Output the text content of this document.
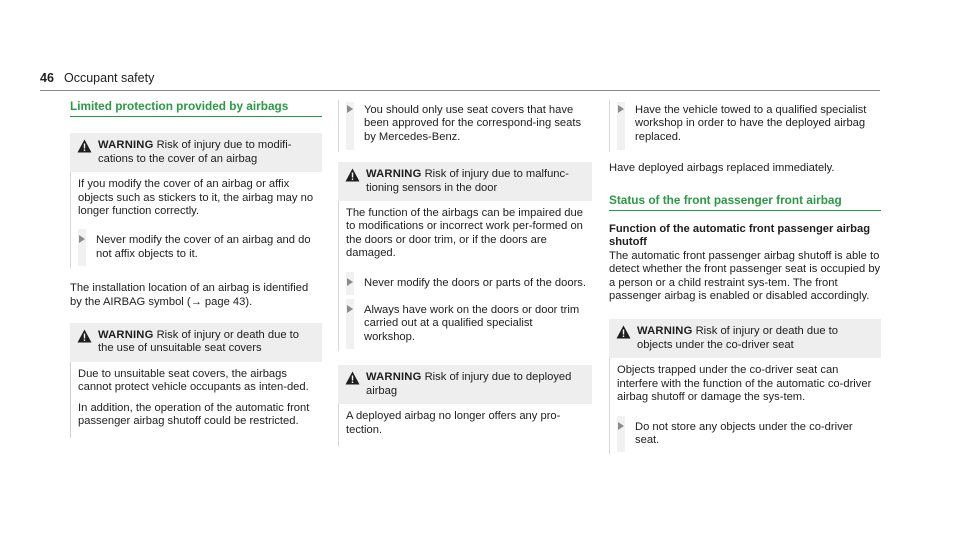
46 Occupant safety
Limited protection provided by airbags
WARNING Risk of injury due to modifi-cations to the cover of an airbag

If you modify the cover of an airbag or affix objects such as stickers to it, the airbag may no longer function correctly.

Never modify the cover of an airbag and do not affix objects to it.

The installation location of an airbag is identified by the AIRBAG symbol (→ page 43).

WARNING Risk of injury or death due to the use of unsuitable seat covers

Due to unsuitable seat covers, the airbags cannot protect vehicle occupants as inten-ded.

In addition, the operation of the automatic front passenger airbag shutoff could be restricted.

You should only use seat covers that have been approved for the correspond-ing seats by Mercedes-Benz.
WARNING Risk of injury due to malfunc-tioning sensors in the door

The function of the airbags can be impaired due to modifications or incorrect work per-formed on the doors or door trim, or if the doors are damaged.

Never modify the doors or parts of the doors.
Always have work on the doors or door trim carried out at a qualified specialist workshop.
WARNING Risk of injury due to deployed airbag

A deployed airbag no longer offers any pro-tection.

Have the vehicle towed to a qualified specialist workshop in order to have the deployed airbag replaced.

Have deployed airbags replaced immediately.

Status of the front passenger front airbag

Function of the automatic front passenger airbag shutoff

The automatic front passenger airbag shutoff is able to detect whether the front passenger seat is occupied by a person or a child restraint sys-tem. The front passenger airbag is enabled or disabled accordingly.

WARNING Risk of injury or death due to objects under the co-driver seat

Objects trapped under the co-driver seat can interfere with the function of the automatic co-driver airbag shutoff or damage the sys-tem.

Do not store any objects under the co-driver seat.
